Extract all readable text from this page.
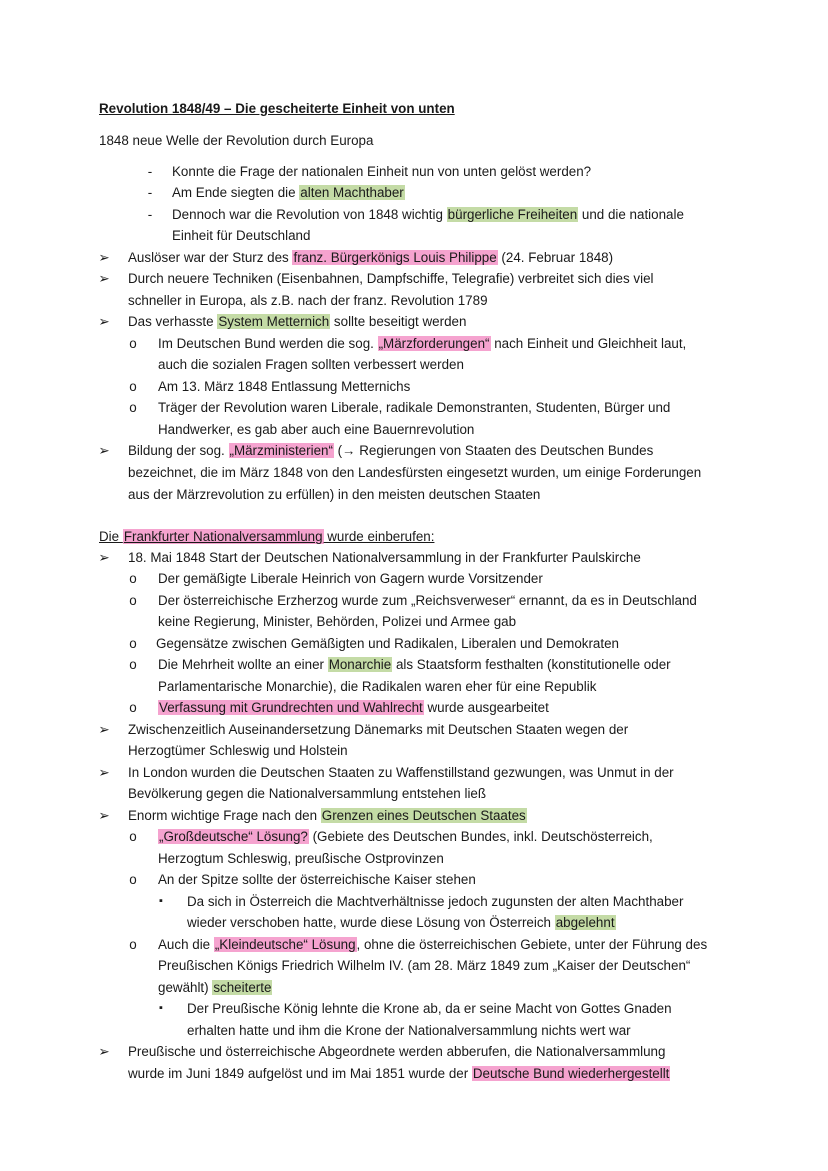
Revolution 1848/49 – Die gescheiterte Einheit von unten
1848 neue Welle der Revolution durch Europa
- Konnte die Frage der nationalen Einheit nun von unten gelöst werden?
- Am Ende siegten die alten Machthaber
- Dennoch war die Revolution von 1848 wichtig bürgerliche Freiheiten und die nationale
Einheit für Deutschland
➢ Auslöser war der Sturz des franz. Bürgerkönigs Louis Philippe (24. Februar 1848)
➢ Durch neuere Techniken (Eisenbahnen, Dampfschiffe, Telegrafie) verbreitet sich dies viel
schneller in Europa, als z.B. nach der franz. Revolution 1789
➢ Das verhasste System Metternich sollte beseitigt werden
o Im Deutschen Bund werden die sog. „Märzforderungen“ nach Einheit und Gleichheit laut,
auch die sozialen Fragen sollten verbessert werden
o Am 13. März 1848 Entlassung Metternichs
o Träger der Revolution waren Liberale, radikale Demonstranten, Studenten, Bürger und
Handwerker, es gab aber auch eine Bauernrevolution
➢ Bildung der sog. „Märzministerien“ (→ Regierungen von Staaten des Deutschen Bundes
bezeichnet, die im März 1848 von den Landesfürsten eingesetzt wurden, um einige Forderungen
aus der Märzrevolution zu erfüllen) in den meisten deutschen Staaten
Die Frankfurter Nationalversammlung wurde einberufen:
➢ 18. Mai 1848 Start der Deutschen Nationalversammlung in der Frankfurter Paulskirche
o Der gemäßigte Liberale Heinrich von Gagern wurde Vorsitzender
o Der österreichische Erzherzog wurde zum „Reichsverweser“ ernannt, da es in Deutschland
keine Regierung, Minister, Behörden, Polizei und Armee gab
o Gegensätze zwischen Gemäßigten und Radikalen, Liberalen und Demokraten
o Die Mehrheit wollte an einer Monarchie als Staatsform festhalten (konstitutionelle oder
Parlamentarische Monarchie), die Radikalen waren eher für eine Republik
o Verfassung mit Grundrechten und Wahlrecht wurde ausgearbeitet
➢ Zwischenzeitlich Auseinandersetzung Dänemarks mit Deutschen Staaten wegen der
Herzogtümer Schleswig und Holstein
➢ In London wurden die Deutschen Staaten zu Waffenstillstand gezwungen, was Unmut in der
Bevölkerung gegen die Nationalversammlung entstehen ließ
➢ Enorm wichtige Frage nach den Grenzen eines Deutschen Staates
o „Großdeutsche“ Lösung? (Gebiete des Deutschen Bundes, inkl. Deutschösterreich,
Herzogtum Schleswig, preußische Ostprovinzen
o An der Spitze sollte der österreichische Kaiser stehen
▪ Da sich in Österreich die Machtverhältnisse jedoch zugunsten der alten Machthaber
wieder verschoben hatte, wurde diese Lösung von Österreich abgelehnt
o Auch die „Kleindeutsche“ Lösung, ohne die österreichischen Gebiete, unter der Führung des
Preußischen Königs Friedrich Wilhelm IV. (am 28. März 1849 zum „Kaiser der Deutschen“
gewählt) scheiterte
▪ Der Preußische König lehnte die Krone ab, da er seine Macht von Gottes Gnaden
erhalten hatte und ihm die Krone der Nationalversammlung nichts wert war
➢ Preußische und österreichische Abgeordnete werden abberufen, die Nationalversammlung
wurde im Juni 1849 aufgelöst und im Mai 1851 wurde der Deutsche Bund wiederhergestellt
